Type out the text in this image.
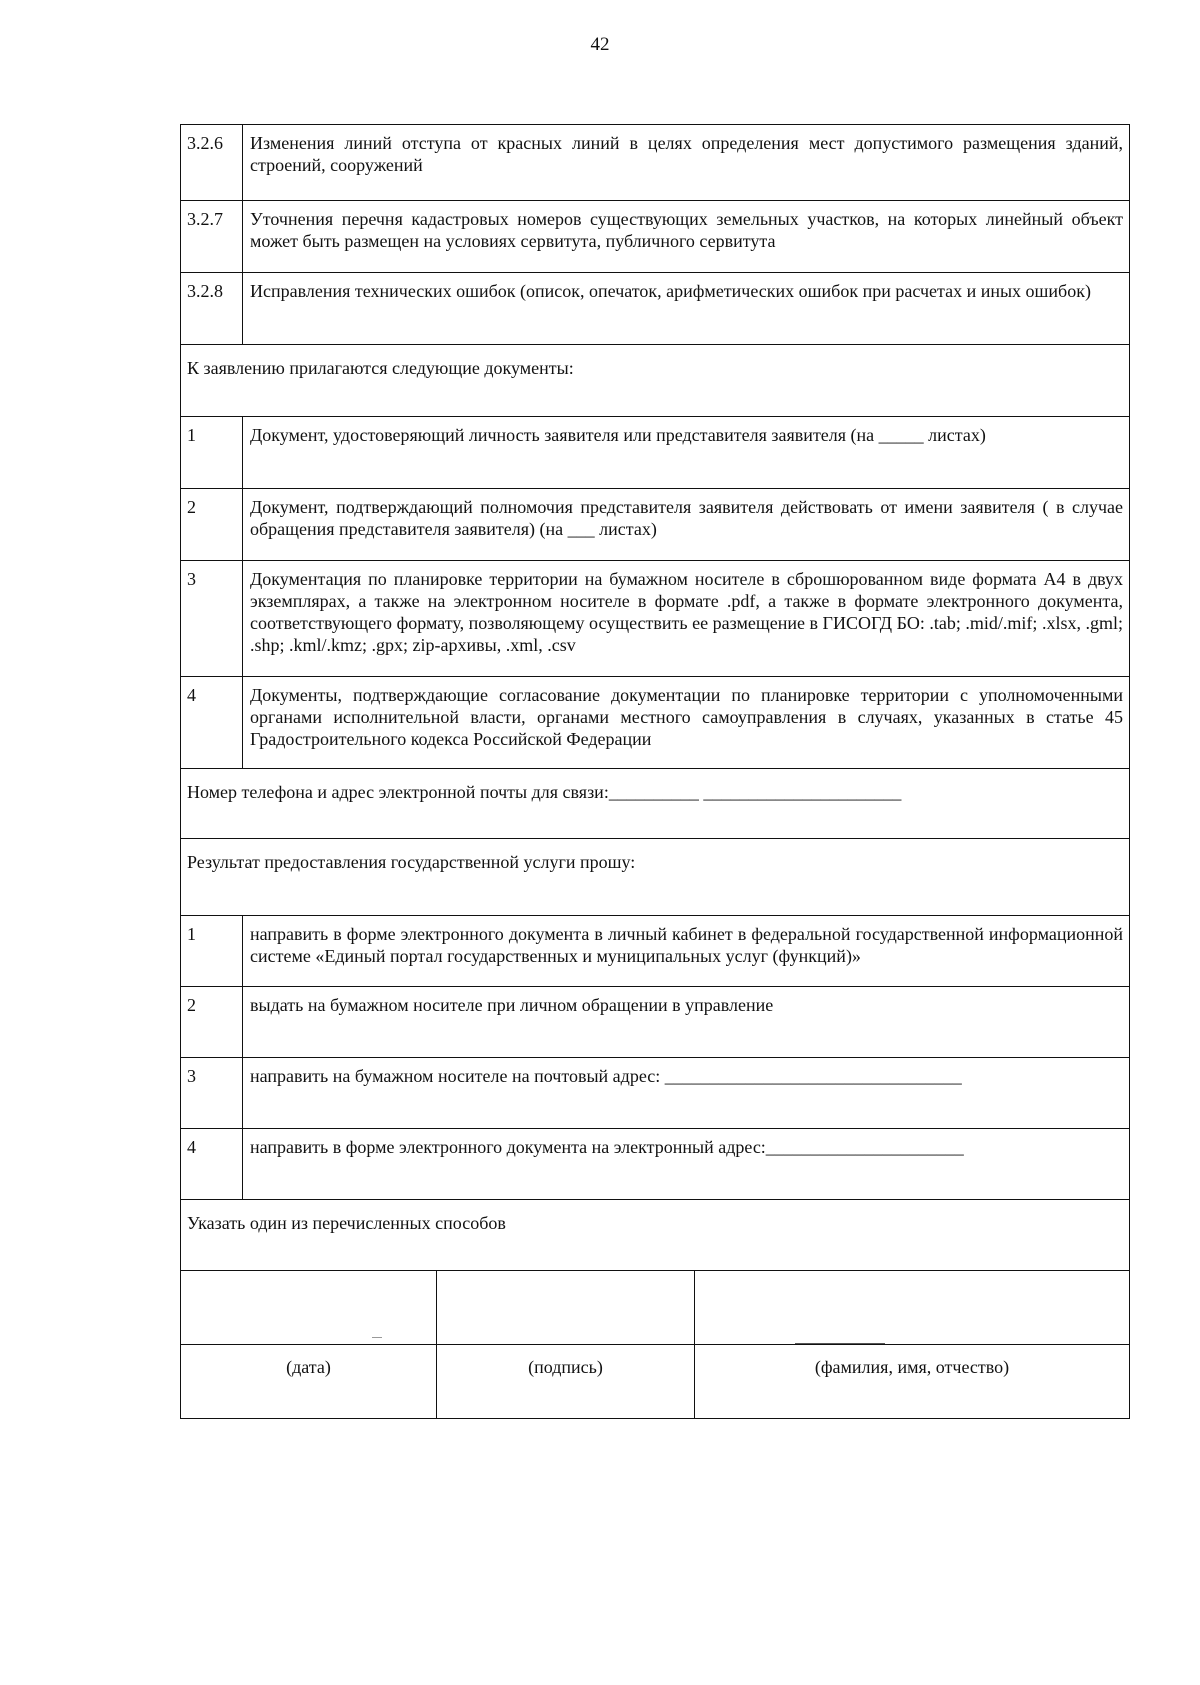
42
3.2.6	Изменения линий отступа от красных линий в целях определения мест допустимого размещения зданий, строений, сооружений
3.2.7	Уточнения перечня кадастровых номеров существующих земельных участков, на которых линейный объект может быть размещен на условиях сервитута, публичного сервитута
3.2.8	Исправления технических ошибок (описок, опечаток, арифметических ошибок при расчетах и иных ошибок)
К заявлению прилагаются следующие документы:
1	Документ, удостоверяющий личность заявителя или представителя заявителя (на _____ листах)
2	Документ, подтверждающий полномочия представителя заявителя действовать от имени заявителя ( в случае обращения представителя заявителя) (на ___ листах)
3	Документация по планировке территории на бумажном носителе в сброшюрованном виде формата А4 в двух экземплярах, а также на электронном носителе в формате .pdf, а также в формате электронного документа, соответствующего формату, позволяющему осуществить ее размещение в ГИСОГД БО: .tab; .mid/.mif; .xlsx, .gml; .shp; .kml/.kmz; .gpx; zip-архивы, .xml, .csv
4	Документы, подтверждающие согласование документации по планировке территории с уполномоченными органами исполнительной власти, органами местного самоуправления в случаях, указанных в статье 45 Градостроительного кодекса Российской Федерации
Номер телефона и адрес электронной почты для связи:__________ ______________________
Результат предоставления государственной услуги прошу:
1	направить в форме электронного документа в личный кабинет в федеральной государственной информационной системе «Единый портал государственных и муниципальных услуг (функций)»
2	выдать на бумажном носителе при личном обращении в управление
3	направить на бумажном носителе на почтовый адрес: _________________________________
4	направить в форме электронного документа на электронный адрес:______________________
Указать один из перечисленных способов
(дата)	(подпись)	(фамилия, имя, отчество)
